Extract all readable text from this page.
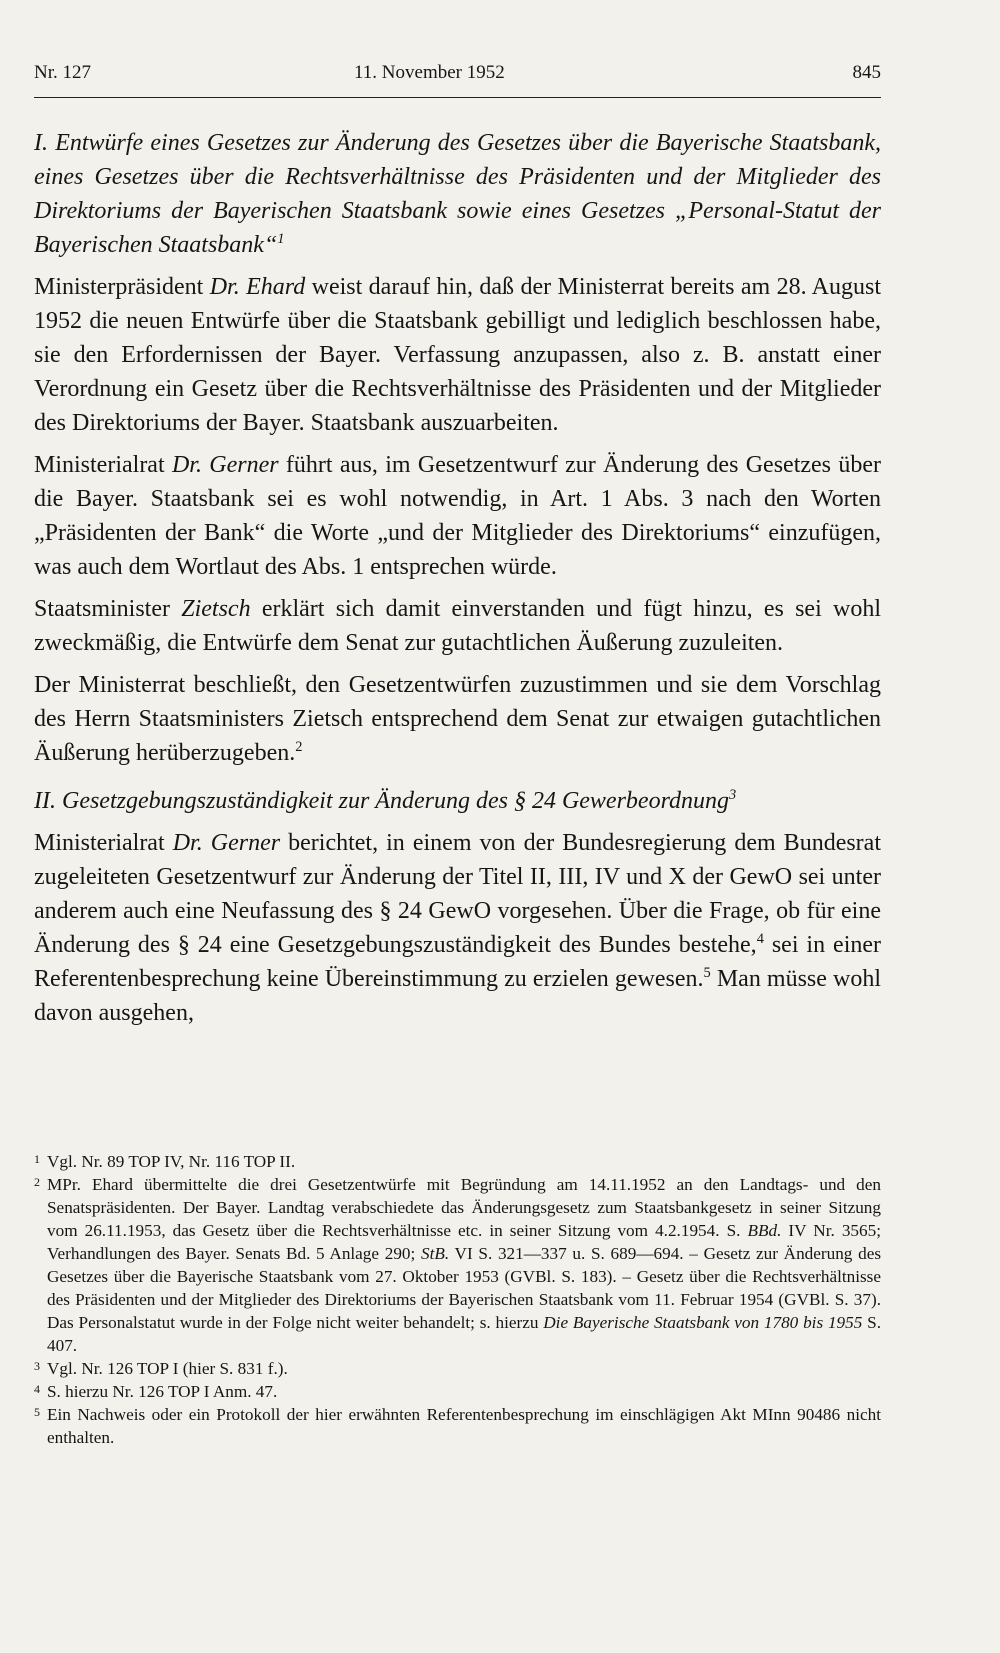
Nr. 127	11. November 1952	845

I. Entwürfe eines Gesetzes zur Änderung des Gesetzes über die Bayerische Staatsbank, eines Gesetzes über die Rechtsverhältnisse des Präsidenten und der Mitglieder des Direktoriums der Bayerischen Staatsbank sowie eines Gesetzes „Personal-Statut der Bayerischen Staatsbank“$^1$

Ministerpräsident Dr. Ehard weist darauf hin, daß der Ministerrat bereits am 28. August 1952 die neuen Entwürfe über die Staatsbank gebilligt und lediglich beschlossen habe, sie den Erfordernissen der Bayer. Verfassung anzupassen, also z. B. anstatt einer Verordnung ein Gesetz über die Rechtsverhältnisse des Präsidenten und der Mitglieder des Direktoriums der Bayer. Staatsbank auszuarbeiten.

Ministerialrat Dr. Gerner führt aus, im Gesetzentwurf zur Änderung des Gesetzes über die Bayer. Staatsbank sei es wohl notwendig, in Art. 1 Abs. 3 nach den Worten „Präsidenten der Bank“ die Worte „und der Mitglieder des Direktoriums“ einzufügen, was auch dem Wortlaut des Abs. 1 entsprechen würde.

Staatsminister Zietsch erklärt sich damit einverstanden und fügt hinzu, es sei wohl zweckmäßig, die Entwürfe dem Senat zur gutachtlichen Äußerung zuzuleiten.

Der Ministerrat beschließt, den Gesetzentwürfen zuzustimmen und sie dem Vorschlag des Herrn Staatsministers Zietsch entsprechend dem Senat zur etwaigen gutachtlichen Äußerung herüberzugeben.$^2$

II. Gesetzgebungszuständigkeit zur Änderung des § 24 Gewerbeordnung$^3$

Ministerialrat Dr. Gerner berichtet, in einem von der Bundesregierung dem Bundesrat zugeleiteten Gesetzentwurf zur Änderung der Titel II, III, IV und X der GewO sei unter anderem auch eine Neufassung des § 24 GewO vorgesehen. Über die Frage, ob für eine Änderung des § 24 eine Gesetzgebungszuständigkeit des Bundes bestehe,$^4$ sei in einer Referentenbesprechung keine Übereinstimmung zu erzielen gewesen.$^5$ Man müsse wohl davon ausgehen,

1 Vgl. Nr. 89 TOP IV, Nr. 116 TOP II.

2 MPr. Ehard übermittelte die drei Gesetzentwürfe mit Begründung am 14.11.1952 an den Landtags- und den Senatspräsidenten. Der Bayer. Landtag verabschiedete das Änderungsgesetz zum Staatsbankgesetz in seiner Sitzung vom 26.11.1953, das Gesetz über die Rechtsverhältnisse etc. in seiner Sitzung vom 4.2.1954. S. BBd. IV Nr. 3565; Verhandlungen des Bayer. Senats Bd. 5 Anlage 290; StB. VI S. 321—337 u. S. 689—694. – Gesetz zur Änderung des Gesetzes über die Bayerische Staatsbank vom 27. Oktober 1953 (GVBl. S. 183). – Gesetz über die Rechtsverhältnisse des Präsidenten und der Mitglieder des Direktoriums der Bayerischen Staatsbank vom 11. Februar 1954 (GVBl. S. 37). Das Personalstatut wurde in der Folge nicht weiter behandelt; s. hierzu Die Bayerische Staatsbank von 1780 bis 1955 S. 407.

3 Vgl. Nr. 126 TOP I (hier S. 831 f.).

4 S. hierzu Nr. 126 TOP I Anm. 47.

5 Ein Nachweis oder ein Protokoll der hier erwähnten Referentenbesprechung im einschlägigen Akt MInn 90486 nicht enthalten.
